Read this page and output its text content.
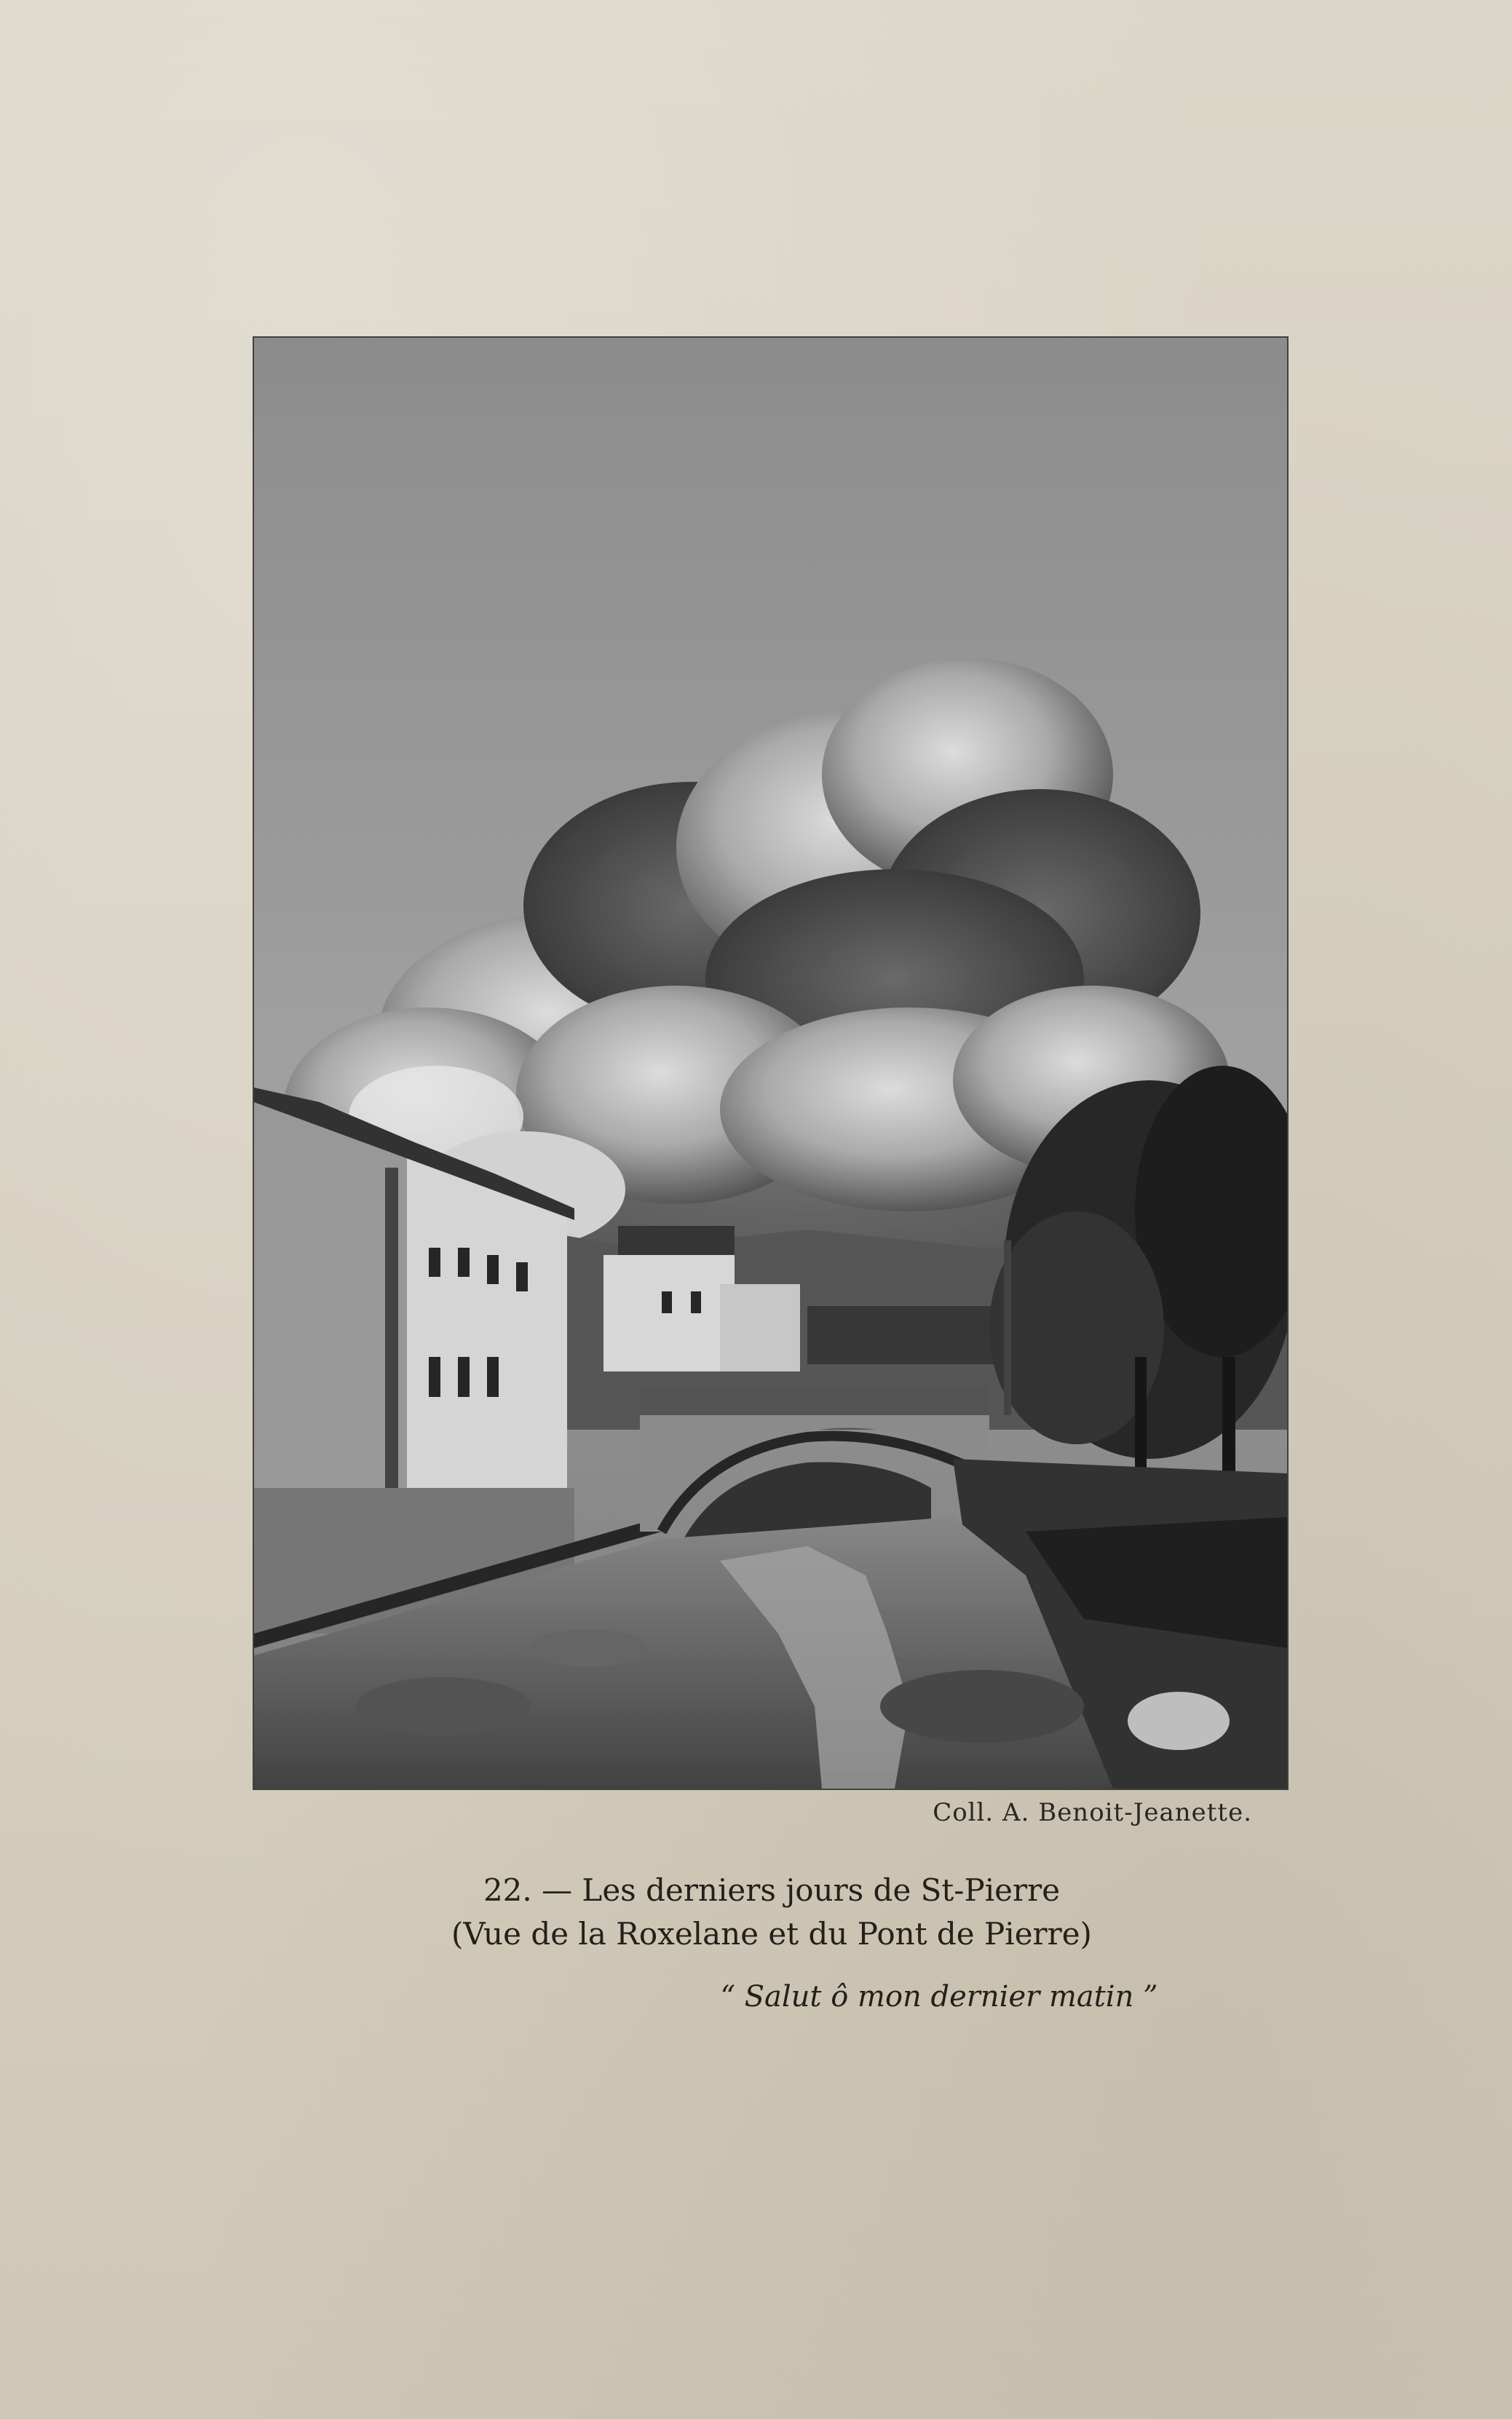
Coll. A. Benoit-Jeanette.
22. — Les derniers jours de St-Pierre
(Vue de la Roxelane et du Pont de Pierre)
“ Salut ô mon dernier matin ”
